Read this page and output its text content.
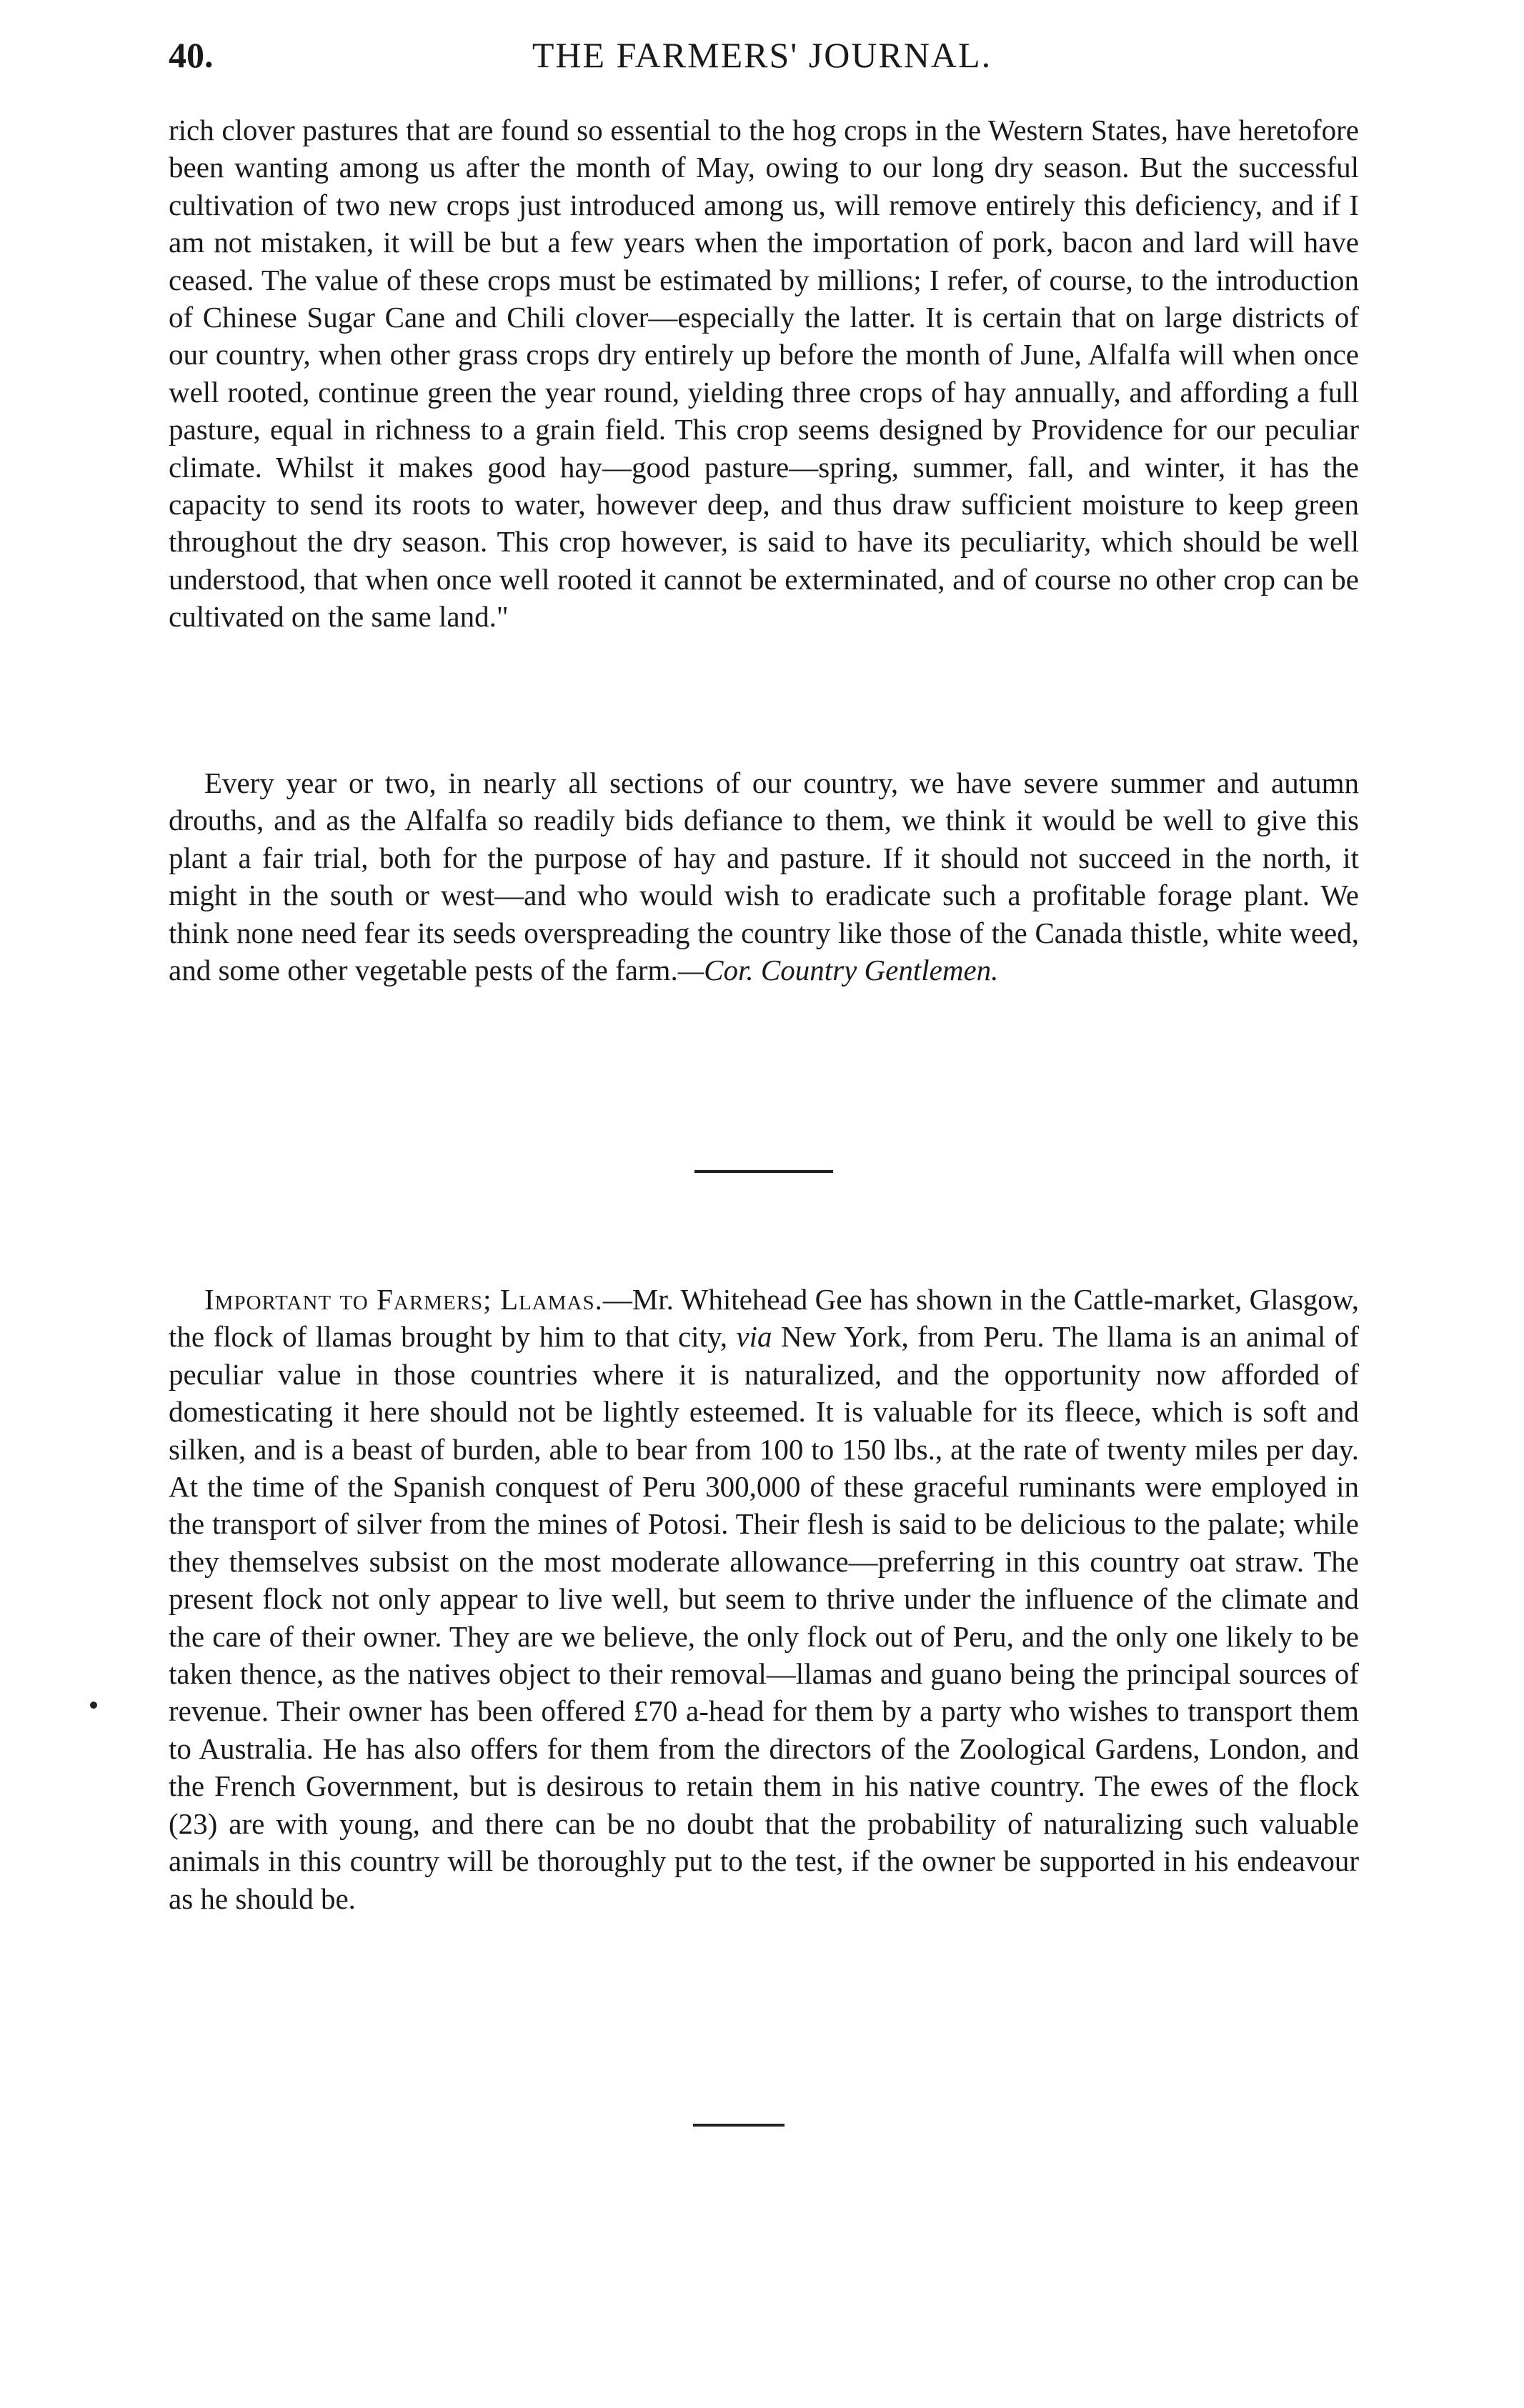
40.	THE FARMERS' JOURNAL.

rich clover pastures that are found so essential to the hog crops in the Western States, have heretofore been wanting among us after the month of May, owing to our long dry season. But the successful cultivation of two new crops just introduced among us, will remove entirely this deficiency, and if I am not mistaken, it will be but a few years when the importation of pork, bacon and lard will have ceased. The value of these crops must be estimated by millions; I refer, of course, to the introduction of Chinese Sugar Cane and Chili clover—especially the latter. It is certain that on large districts of our country, when other grass crops dry entirely up before the month of June, Alfalfa will when once well rooted, continue green the year round, yielding three crops of hay annually, and affording a full pasture, equal in richness to a grain field. This crop seems designed by Providence for our peculiar climate. Whilst it makes good hay—good pasture—spring, summer, fall, and winter, it has the capacity to send its roots to water, however deep, and thus draw sufficient moisture to keep green throughout the dry season. This crop however, is said to have its peculiarity, which should be well understood, that when once well rooted it cannot be exterminated, and of course no other crop can be cultivated on the same land."

Every year or two, in nearly all sections of our country, we have severe summer and autumn drouths, and as the Alfalfa so readily bids defiance to them, we think it would be well to give this plant a fair trial, both for the purpose of hay and pasture. If it should not succeed in the north, it might in the south or west—and who would wish to eradicate such a profitable forage plant. We think none need fear its seeds overspreading the country like those of the Canada thistle, white weed, and some other vegetable pests of the farm.—Cor. Country Gentlemen.

Important to Farmers; Llamas.—Mr. Whitehead Gee has shown in the Cattle-market, Glasgow, the flock of llamas brought by him to that city, via New York, from Peru. The llama is an animal of peculiar value in those countries where it is naturalized, and the opportunity now afforded of domesticating it here should not be lightly esteemed. It is valuable for its fleece, which is soft and silken, and is a beast of burden, able to bear from 100 to 150 lbs., at the rate of twenty miles per day. At the time of the Spanish conquest of Peru 300,000 of these graceful ruminants were employed in the transport of silver from the mines of Potosi. Their flesh is said to be delicious to the palate; while they themselves subsist on the most moderate allowance—preferring in this country oat straw. The present flock not only appear to live well, but seem to thrive under the influence of the climate and the care of their owner. They are we believe, the only flock out of Peru, and the only one likely to be taken thence, as the natives object to their removal—llamas and guano being the principal sources of revenue. Their owner has been offered £70 a-head for them by a party who wishes to transport them to Australia. He has also offers for them from the directors of the Zoological Gardens, London, and the French Government, but is desirous to retain them in his native country. The ewes of the flock (23) are with young, and there can be no doubt that the probability of naturalizing such valuable animals in this country will be thoroughly put to the test, if the owner be supported in his endeavour as he should be.
